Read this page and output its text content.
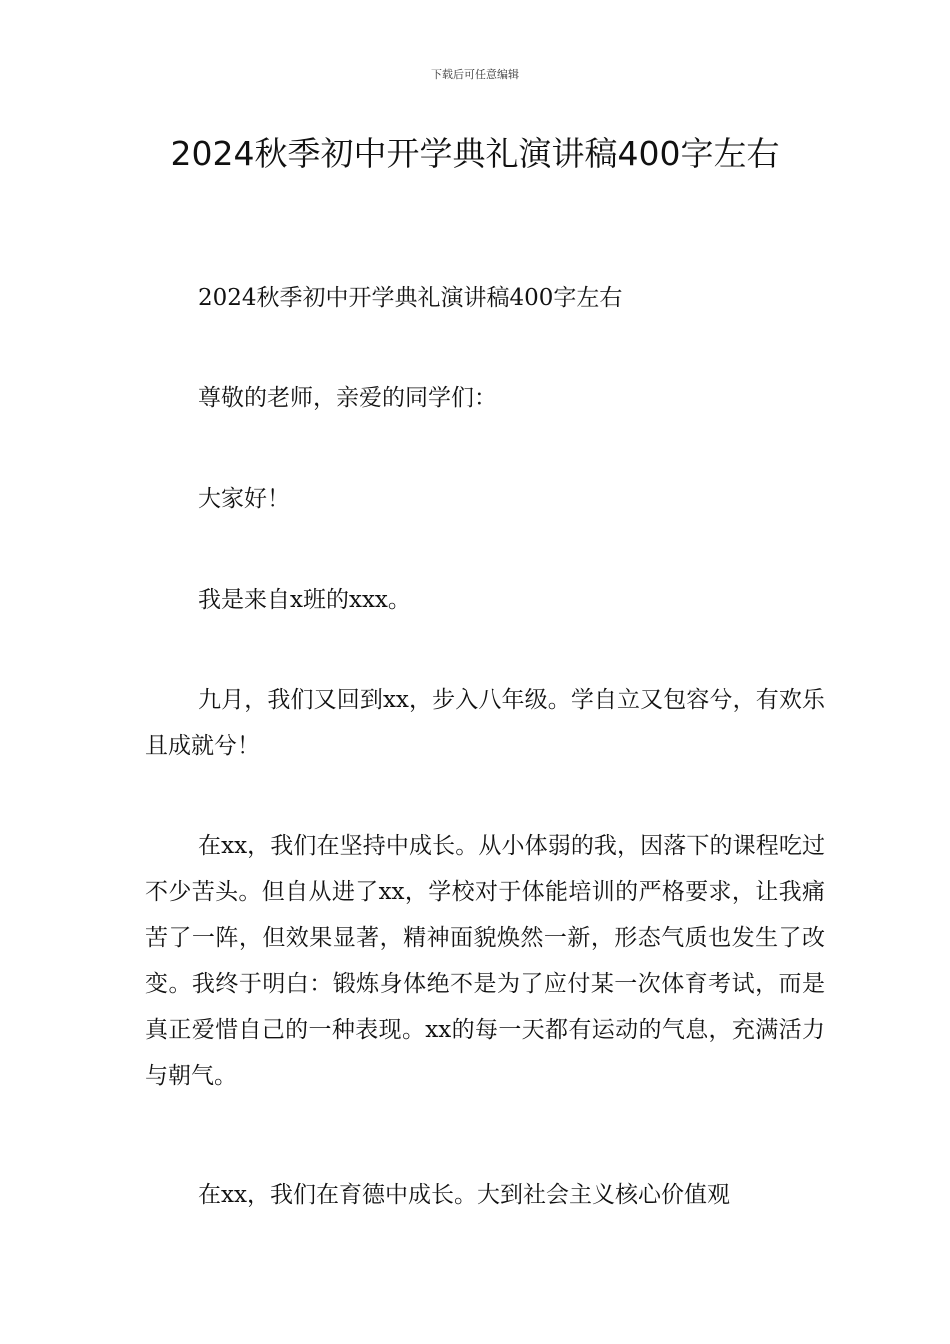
下载后可任意编辑
2024秋季初中开学典礼演讲稿400字左右

2024秋季初中开学典礼演讲稿400字左右

尊敬的老师，亲爱的同学们：

大家好！

我是来自x班的xxx。

九月，我们又回到xx，步入八年级。学自立又包容兮，有欢乐且成就兮！

在xx，我们在坚持中成长。从小体弱的我，因落下的课程吃过不少苦头。但自从进了xx，学校对于体能培训的严格要求，让我痛苦了一阵，但效果显著，精神面貌焕然一新，形态气质也发生了改变。我终于明白：锻炼身体绝不是为了应付某一次体育考试，而是真正爱惜自己的一种表现。xx的每一天都有运动的气息，充满活力与朝气。

在xx，我们在育德中成长。大到社会主义核心价值观
